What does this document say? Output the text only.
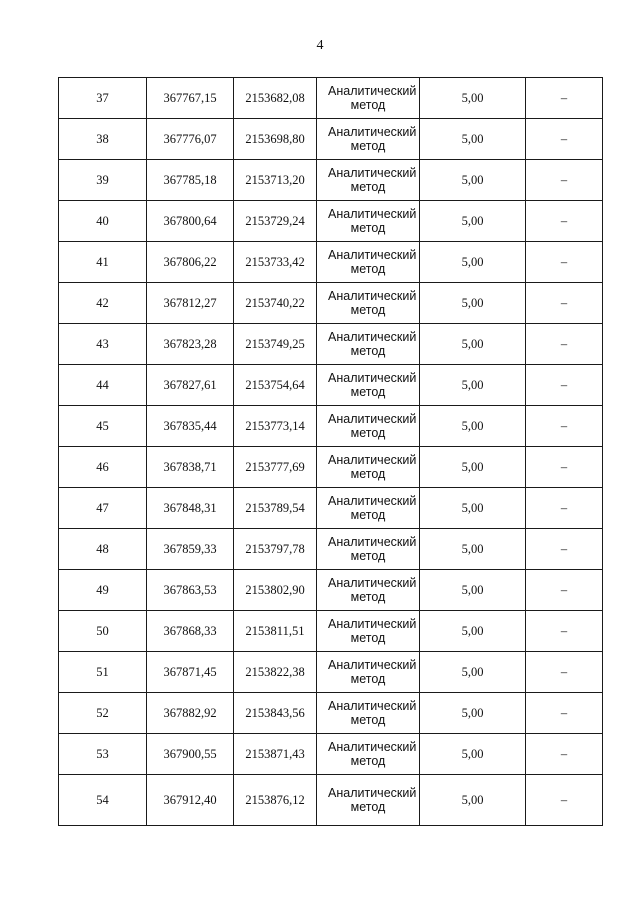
4
37	367767,15	2153682,08	Аналитический метод	5,00	–
38	367776,07	2153698,80	Аналитический метод	5,00	–
39	367785,18	2153713,20	Аналитический метод	5,00	–
40	367800,64	2153729,24	Аналитический метод	5,00	–
41	367806,22	2153733,42	Аналитический метод	5,00	–
42	367812,27	2153740,22	Аналитический метод	5,00	–
43	367823,28	2153749,25	Аналитический метод	5,00	–
44	367827,61	2153754,64	Аналитический метод	5,00	–
45	367835,44	2153773,14	Аналитический метод	5,00	–
46	367838,71	2153777,69	Аналитический метод	5,00	–
47	367848,31	2153789,54	Аналитический метод	5,00	–
48	367859,33	2153797,78	Аналитический метод	5,00	–
49	367863,53	2153802,90	Аналитический метод	5,00	–
50	367868,33	2153811,51	Аналитический метод	5,00	–
51	367871,45	2153822,38	Аналитический метод	5,00	–
52	367882,92	2153843,56	Аналитический метод	5,00	–
53	367900,55	2153871,43	Аналитический метод	5,00	–
54	367912,40	2153876,12	Аналитический метод	5,00	–
